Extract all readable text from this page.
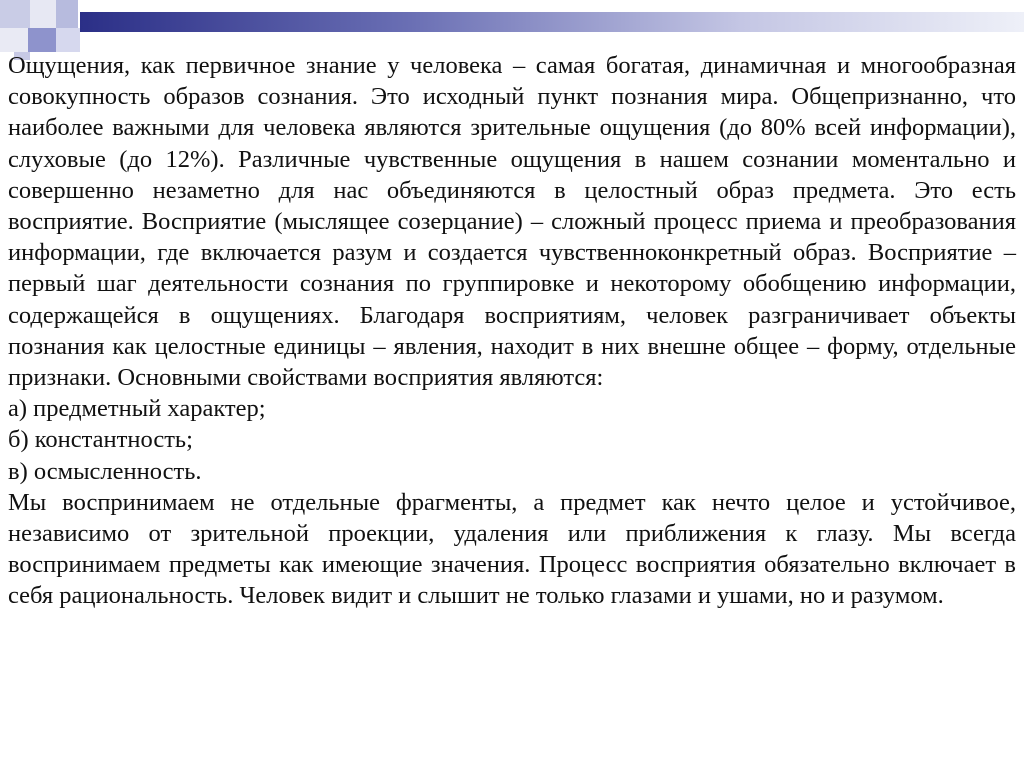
Ощущения, как первичное знание у человека – самая богатая, динамичная и многообразная совокупность образов сознания. Это исходный пункт познания мира. Общепризнанно, что наиболее важными для человека являются зрительные ощущения (до 80% всей информации), слуховые (до 12%). Различные чувственные ощущения в нашем сознании моментально и совершенно незаметно для нас объединяются в целостный образ предмета. Это есть восприятие. Восприятие (мыслящее созерцание) – сложный процесс приема и преобразования информации, где включается разум и создается чувственноконкретный образ. Восприятие – первый шаг деятельности сознания по группировке и некоторому обобщению информации, содержащейся в ощущениях. Благодаря восприятиям, человек разграничивает объекты познания как целостные единицы – явления, находит в них внешне общее – форму, отдельные признаки. Основными свойствами восприятия являются:

а) предметный характер;

б) константность;

в) осмысленность.

Мы воспринимаем не отдельные фрагменты, а предмет как нечто целое и устойчивое, независимо от зрительной проекции, удаления или приближения к глазу. Мы всегда воспринимаем предметы как имеющие значения. Процесс восприятия обязательно включает в себя рациональность. Человек видит и слышит не только глазами и ушами, но и разумом.
